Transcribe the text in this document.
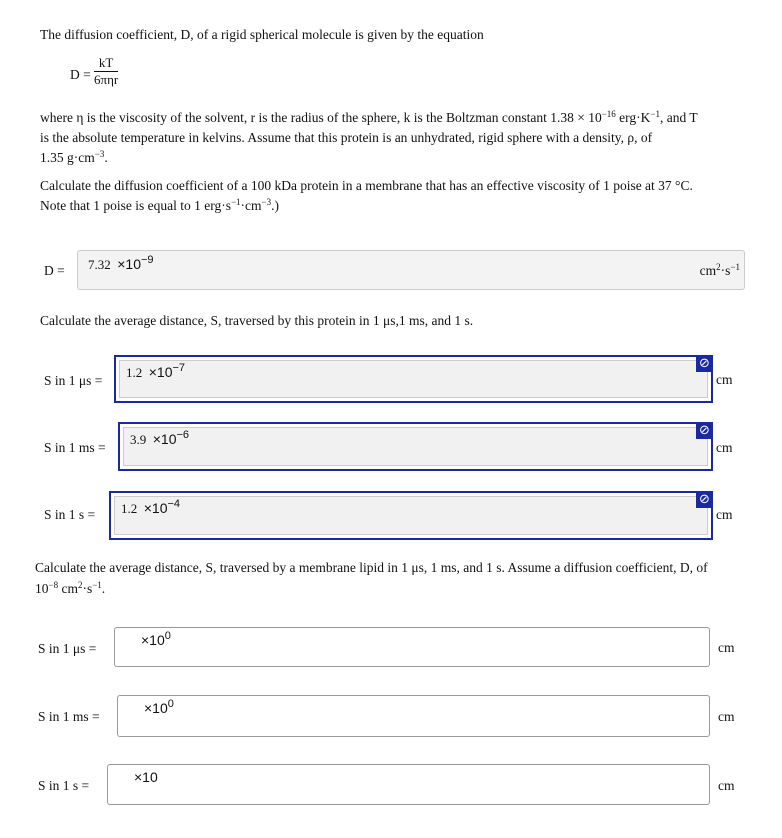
The diffusion coefficient, D, of a rigid spherical molecule is given by the equation
D =
kT
6πηr
where η is the viscosity of the solvent, r is the radius of the sphere, k is the Boltzman constant $1.38 \times 10^{-16}$ $erg\cdot K^{-1}$, and T
is the absolute temperature in kelvins. Assume that this protein is an unhydrated, rigid sphere with a density, ρ, of
1.35 $g\cdot cm^{-3}$.
Calculate the diffusion coefficient of a 100 kDa protein in a membrane that has an effective viscosity of 1 poise at 37 °C.
Note that 1 poise is equal to 1 $erg\cdot s^{-1}\cdot cm^{-3}$.)
$D = 7.32 \times 10^{-9}$
$cm^2\cdot s^{-1}$
Calculate the average distance, S, traversed by this protein in 1 μs,1 ms, and 1 s.
S in 1 μs =
$1.2 \times 10^{-7}$	⊘
cm
S in 1 ms =
$3.9 \times 10^{-6}$	⊘
cm
S in 1 $s = 1.2 \times 10^{-4}$	⊘
cm
Calculate the average distance, S, traversed by a membrane lipid in 1 μs, 1 ms, and 1 s. Assume a diffusion coefficient, D, of
$10^{-8}$ $cm^2\cdot s^{-1}$.
S in 1 μs =
$\times 10^0$
cm
S in 1 ms =
$\times 10^0$
cm
S in 1 s =
×10
cm
